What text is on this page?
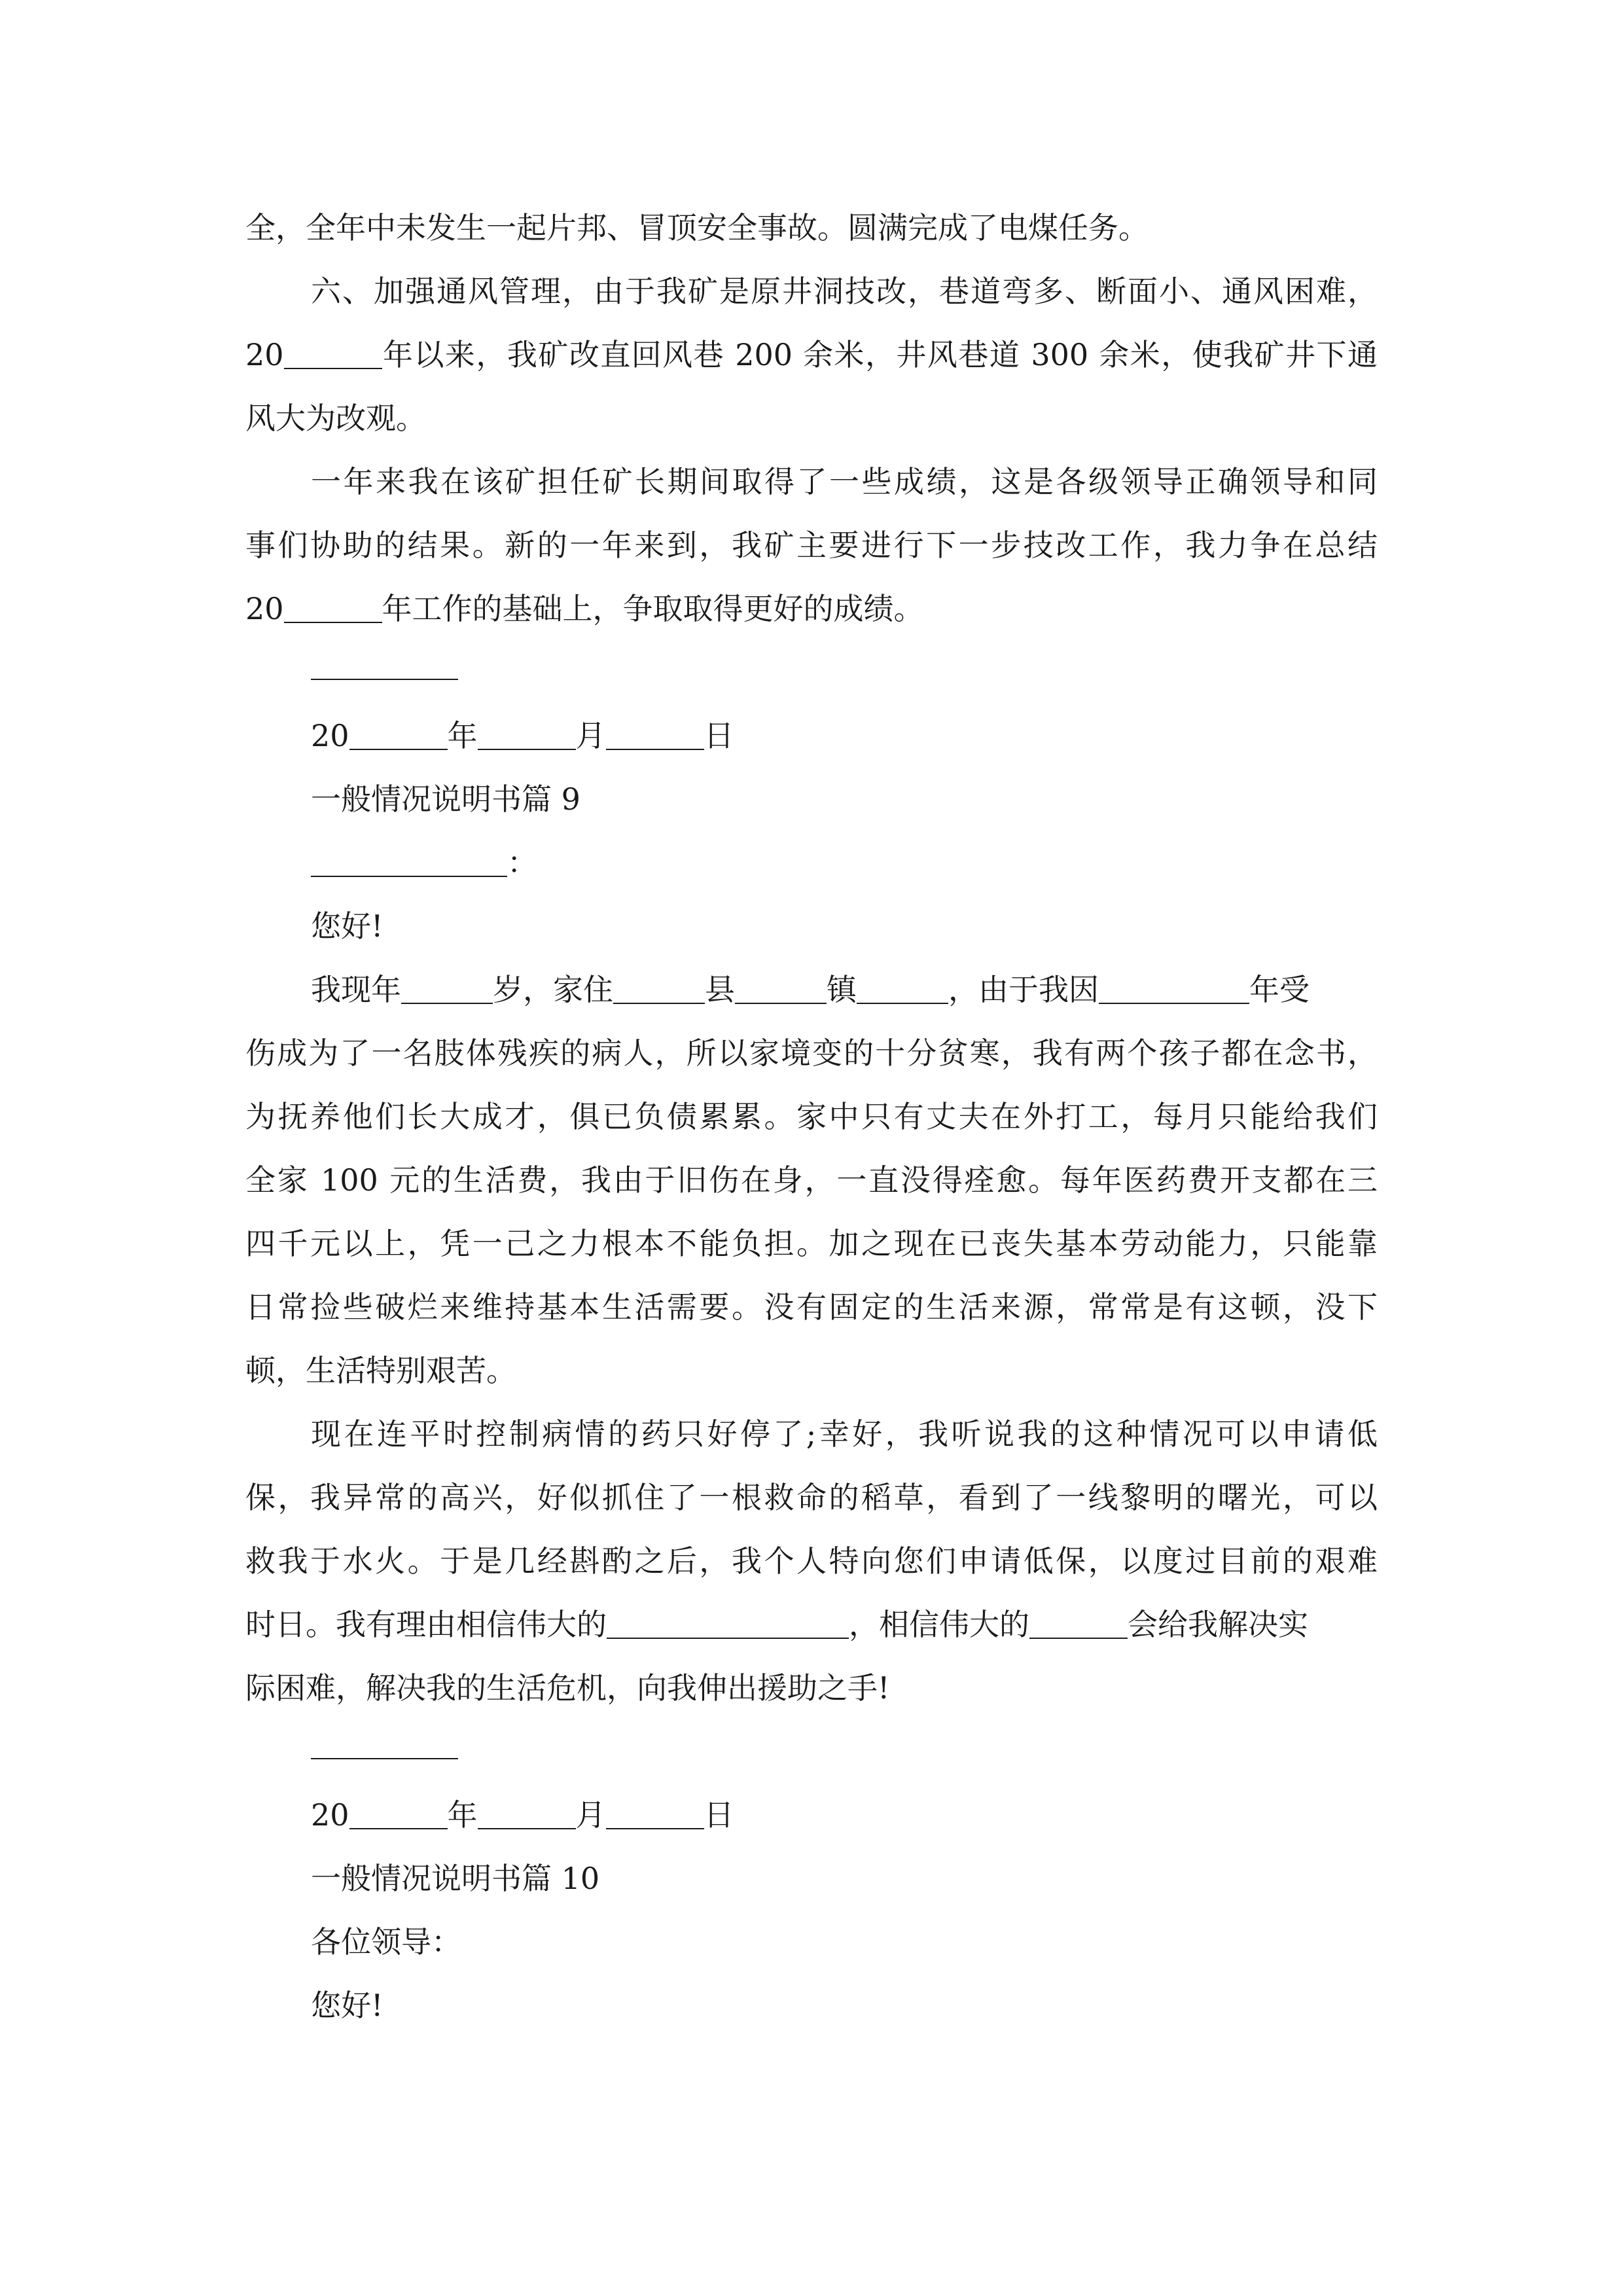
全，全年中未发生一起片邦、冒顶安全事故。圆满完成了电煤任务。
六、加强通风管理，由于我矿是原井洞技改，巷道弯多、断面小、通风困难，
20	年以来，我矿改直回风巷 200 余米，井风巷道 300 余米，使我矿井下通
风大为改观。
一年来我在该矿担任矿长期间取得了一些成绩，这是各级领导正确领导和同
事们协助的结果。新的一年来到，我矿主要进行下一步技改工作，我力争在总结
20	年工作的基础上，争取取得更好的成绩。
20	年	月	日
一般情况说明书篇 9
：
您好!
我现年	岁，家住	县	镇	，由于我因	年受
伤成为了一名肢体残疾的病人，所以家境变的十分贫寒，我有两个孩子都在念书，
为抚养他们长大成才，俱已负债累累。家中只有丈夫在外打工，每月只能给我们
全家 100 元的生活费，我由于旧伤在身，一直没得痊愈。每年医药费开支都在三
四千元以上，凭一己之力根本不能负担。加之现在已丧失基本劳动能力，只能靠
日常捡些破烂来维持基本生活需要。没有固定的生活来源，常常是有这顿，没下
顿，生活特别艰苦。
现在连平时控制病情的药只好停了;幸好，我听说我的这种情况可以申请低
保，我异常的高兴，好似抓住了一根救命的稻草，看到了一线黎明的曙光，可以
救我于水火。于是几经斟酌之后，我个人特向您们申请低保，以度过目前的艰难
时日。我有理由相信伟大的	，相信伟大的	会给我解决实
际困难，解决我的生活危机，向我伸出援助之手!
20	年	月	日
一般情况说明书篇 10
各位领导：
您好!
